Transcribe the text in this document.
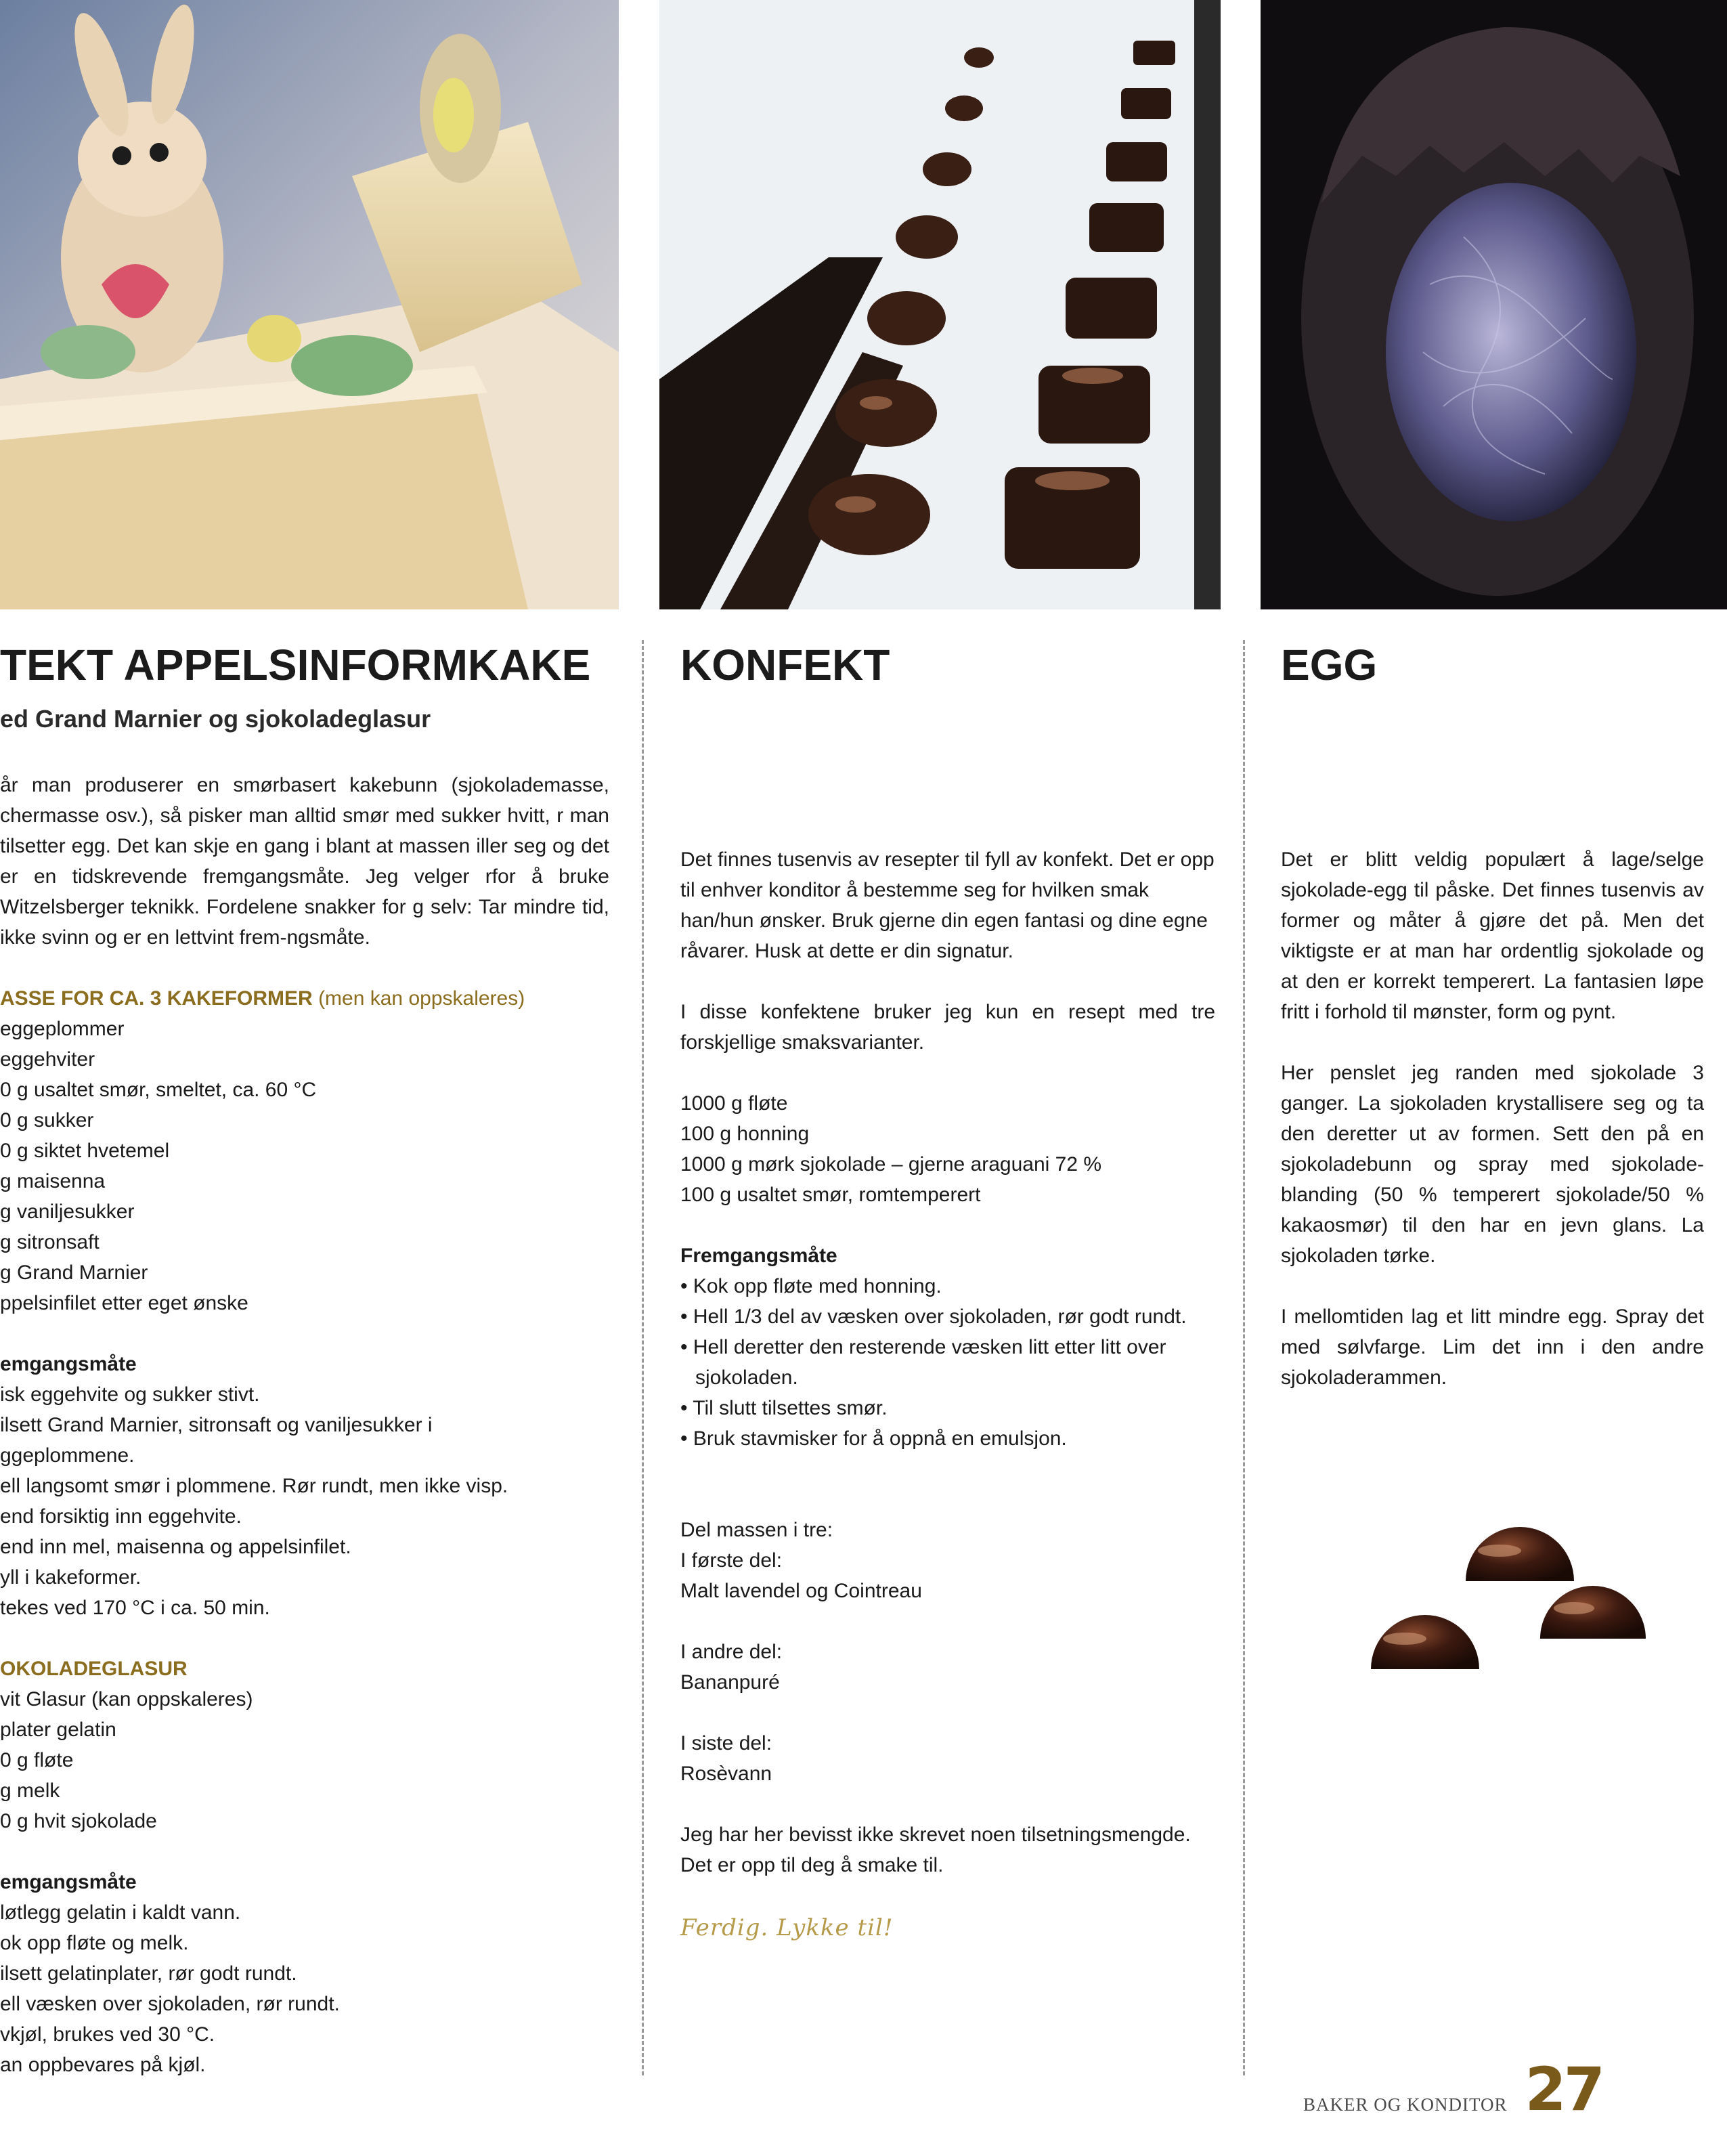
TEKT APPELSINFORMKAKE
ed Grand Marnier og sjokoladeglasur

år man produserer en smørbasert kakebunn (sjokolademasse, chermasse osv.), så pisker man alltid smør med sukker hvitt, r man tilsetter egg. Det kan skje en gang i blant at massen iller seg og det er en tidskrevende fremgangsmåte. Jeg velger rfor å bruke Witzelsberger teknikk. Fordelene snakker for g selv: Tar mindre tid, ikke svinn og er en lettvint frem-ngsmåte.

ASSE FOR CA. 3 KAKEFORMER (men kan oppskaleres)
eggeplommer
eggehviter
0 g usaltet smør, smeltet, ca. 60 °C
0 g sukker
0 g siktet hvetemel
g maisenna
g vaniljesukker
g sitronsaft
g Grand Marnier
ppelsinfilet etter eget ønske
emgangsmåte
isk eggehvite og sukker stivt.
ilsett Grand Marnier, sitronsaft og vaniljesukker i
ggeplommene.
ell langsomt smør i plommene. Rør rundt, men ikke visp.
end forsiktig inn eggehvite.
end inn mel, maisenna og appelsinfilet.
yll i kakeformer.
tekes ved 170 °C i ca. 50 min.
OKOLADEGLASUR
vit Glasur (kan oppskaleres)
plater gelatin
0 g fløte
g melk
0 g hvit sjokolade
emgangsmåte
løtlegg gelatin i kaldt vann.
ok opp fløte og melk.
ilsett gelatinplater, rør godt rundt.
ell væsken over sjokoladen, rør rundt.
vkjøl, brukes ved 30 °C.
an oppbevares på kjøl.
KONFEKT

Det finnes tusenvis av resepter til fyll av konfekt. Det er opp til enhver konditor å bestemme seg for hvilken smak han/hun ønsker. Bruk gjerne din egen fantasi og dine egne råvarer. Husk at dette er din signatur.

I disse konfektene bruker jeg kun en resept med tre forskjellige smaksvarianter.

1000 g fløte
100 g honning
1000 g mørk sjokolade – gjerne araguani 72 %
100 g usaltet smør, romtemperert
Fremgangsmåte
• Kok opp fløte med honning.
• Hell 1/3 del av væsken over sjokoladen, rør godt rundt.
• Hell deretter den resterende væsken litt etter litt over sjokoladen.
• Til slutt tilsettes smør.
• Bruk stavmisker for å oppnå en emulsjon.

Del massen i tre:

I første del:

Malt lavendel og Cointreau

I andre del:

Bananpuré

I siste del:

Rosèvann

Jeg har her bevisst ikke skrevet noen tilsetningsmengde. Det er opp til deg å smake til.

Ferdig. Lykke til!
EGG

Det er blitt veldig populært å lage/selge sjokolade-egg til påske. Det finnes tusenvis av former og måter å gjøre det på. Men det viktigste er at man har ordentlig sjokolade og at den er korrekt temperert. La fantasien løpe fritt i forhold til mønster, form og pynt.

Her penslet jeg randen med sjokolade 3 ganger. La sjokoladen krystallisere seg og ta den deretter ut av formen. Sett den på en sjokoladebunn og spray med sjokolade-blanding (50 % temperert sjokolade/50 % kakaosmør) til den har en jevn glans. La sjokoladen tørke.

I mellomtiden lag et litt mindre egg. Spray det med sølvfarge. Lim det inn i den andre sjokoladerammen.

BAKER OG KONDITOR 27
